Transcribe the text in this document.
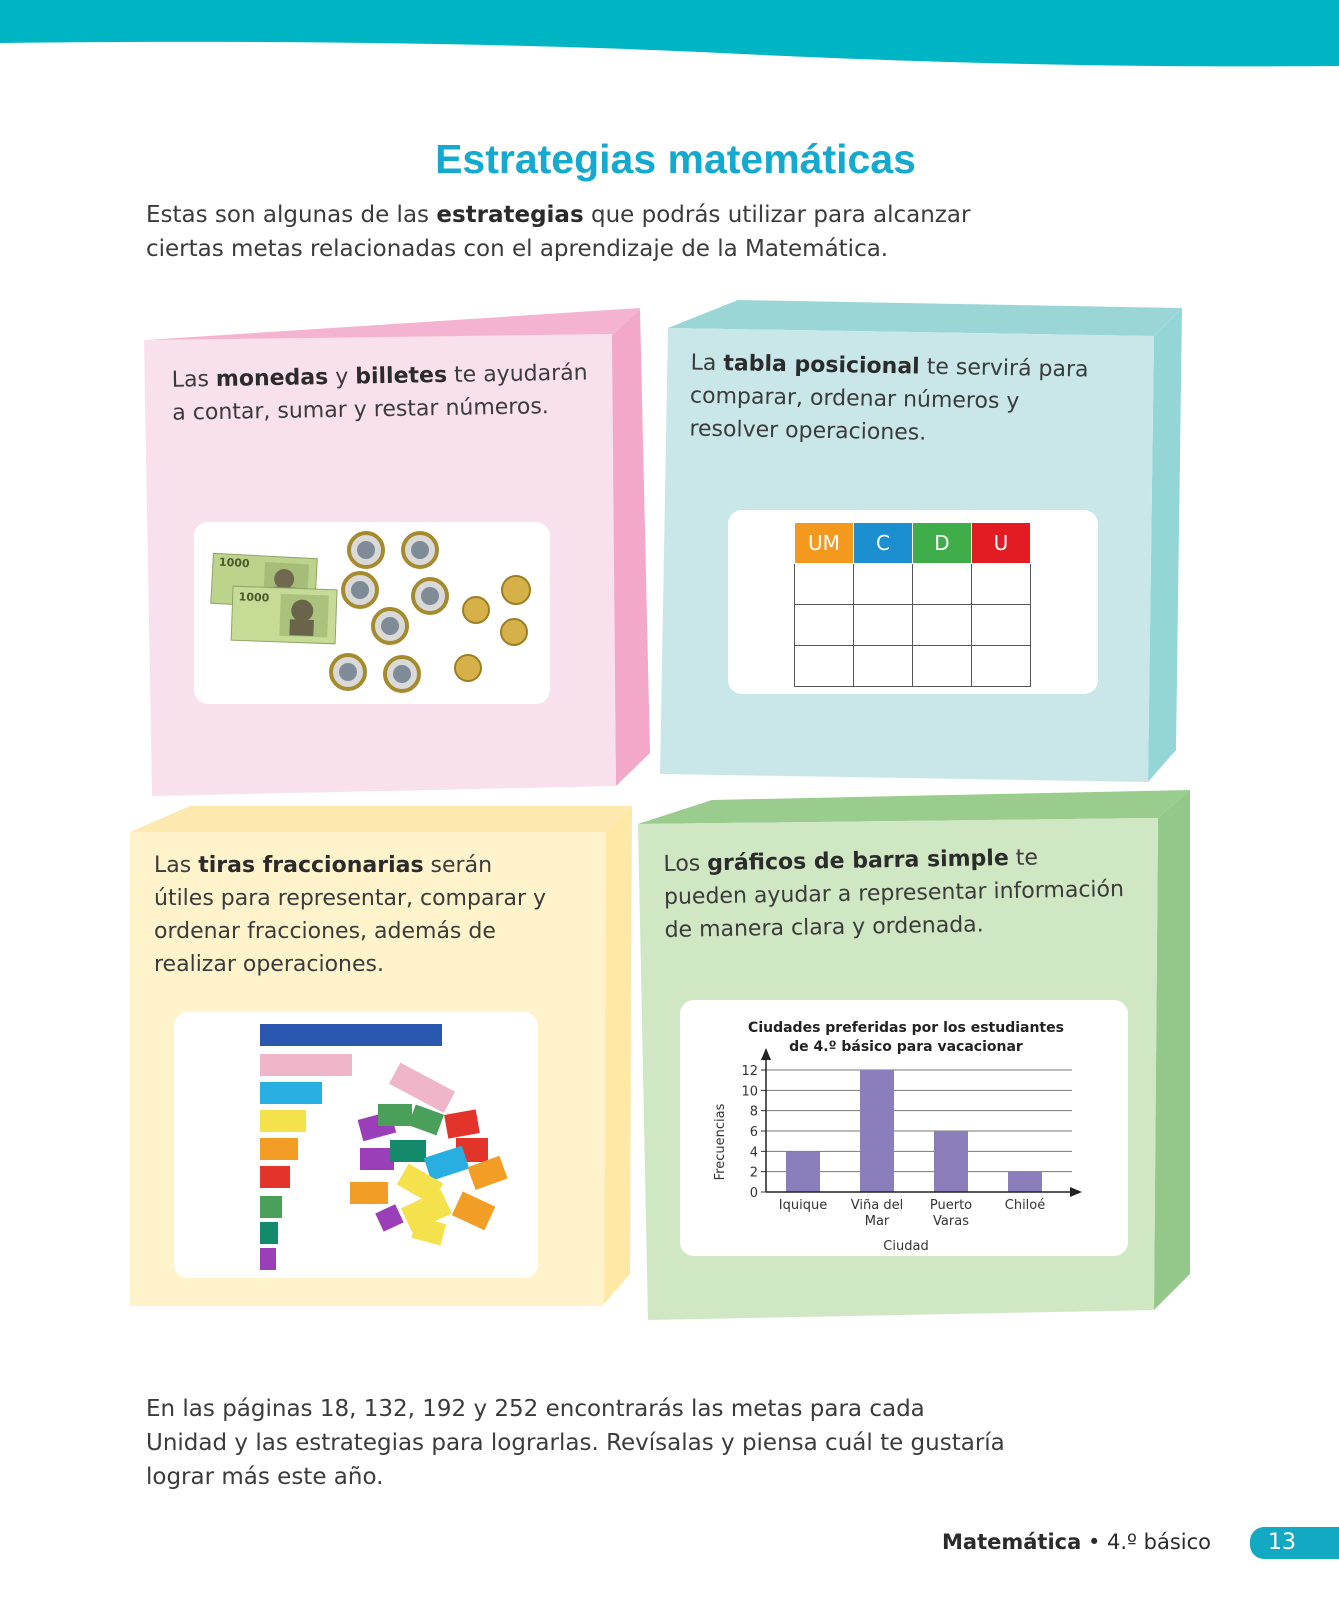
Estrategias matemáticas
Estas son algunas de las estrategias que podrás utilizar para alcanzar ciertas metas relacionadas con el aprendizaje de la Matemática.
Las monedas y billetes te ayudarán a contar, sumar y restar números.
1000
1000
La tabla posicional te servirá para comparar, ordenar números y resolver operaciones.
UM	C	D	U

Las tiras fraccionarias serán útiles para representar, comparar y ordenar fracciones, además de realizar operaciones.
Los gráficos de barra simple te pueden ayudar a representar información de manera clara y ordenada.
Ciudades preferidas por los estudiantes
de 4.º básico para vacacionar
Frecuencias
Ciudad
0
2
4
6
8
10
12
Iquique Viña del
Mar
Puerto
Varas
Chiloé
En las páginas 18, 132, 192 y 252 encontrarás las metas para cada Unidad y las estrategias para lograrlas. Revísalas y piensa cuál te gustaría lograr más este año.
Matemática • 4.º básico	13
